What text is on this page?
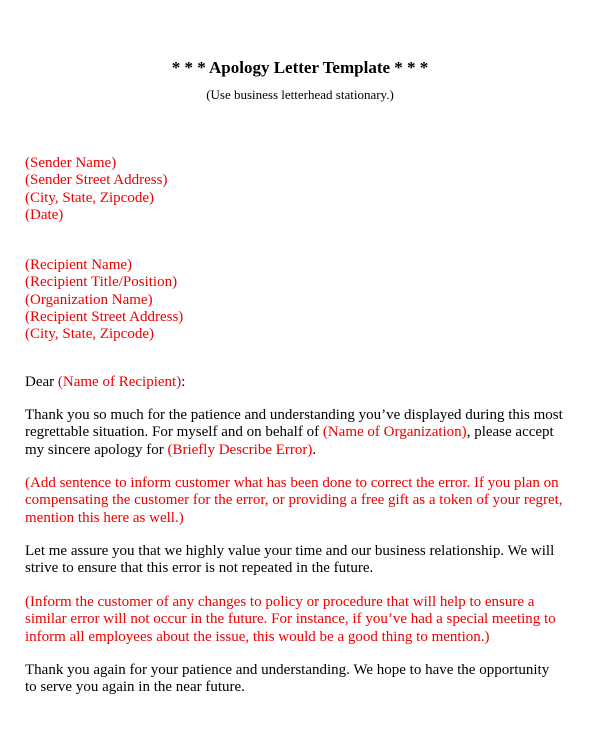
* * * Apology Letter Template * * *
(Use business letterhead stationary.)
(Sender Name)
(Sender Street Address)
(City, State, Zipcode)
(Date)
(Recipient Name)
(Recipient Title/Position)
(Organization Name)
(Recipient Street Address)
(City, State, Zipcode)
Dear (Name of Recipient):
Thank you so much for the patience and understanding you’ve displayed during this most
regrettable situation. For myself and on behalf of (Name of Organization), please accept
my sincere apology for (Briefly Describe Error).
(Add sentence to inform customer what has been done to correct the error. If you plan on
compensating the customer for the error, or providing a free gift as a token of your regret,
mention this here as well.)
Let me assure you that we highly value your time and our business relationship. We will
strive to ensure that this error is not repeated in the future.
(Inform the customer of any changes to policy or procedure that will help to ensure a
similar error will not occur in the future. For instance, if you’ve had a special meeting to
inform all employees about the issue, this would be a good thing to mention.)
Thank you again for your patience and understanding. We hope to have the opportunity
to serve you again in the near future.
